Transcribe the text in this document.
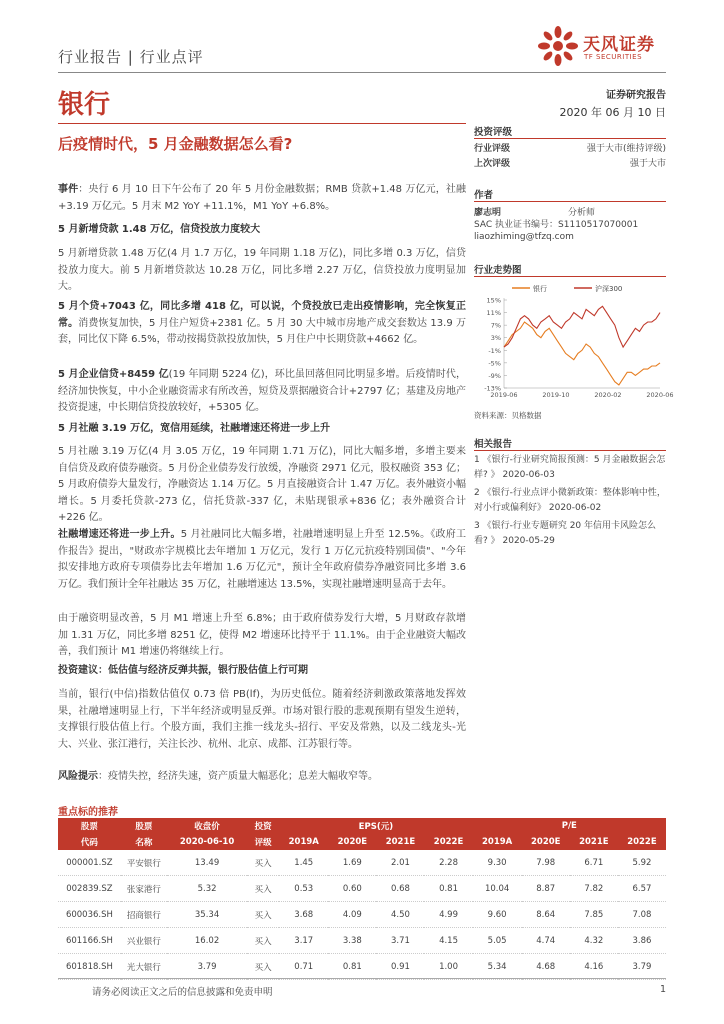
行业报告 | 行业点评
天风证券
TF SECURITIES
银行	证券研究报告
2020 年 06 月 10 日
后疫情时代，5 月金融数据怎么看?

事件：央行 6 月 10 日下午公布了 20 年 5 月份金融数据；RMB 贷款+1.48 万亿元，社融+3.19 万亿元。5 月末 M2 YoY +11.1%，M1 YoY +6.8%。

5 月新增贷款 1.48 万亿，信贷投放力度较大

5 月新增贷款 1.48 万亿(4 月 1.7 万亿，19 年同期 1.18 万亿)，同比多增 0.3 万亿，信贷投放力度大。前 5 月新增贷款达 10.28 万亿，同比多增 2.27 万亿，信贷投放力度明显加大。

5 月个贷+7043 亿，同比多增 418 亿，可以说，个贷投放已走出疫情影响，完全恢复正常。消费恢复加快，5 月住户短贷+2381 亿。5 月 30 大中城市房地产成交套数达 13.9 万套，同比仅下降 6.5%，带动按揭贷款投放加快，5 月住户中长期贷款+4662 亿。

5 月企业信贷+8459 亿(19 年同期 5224 亿)，环比虽回落但同比明显多增。后疫情时代，经济加快恢复，中小企业融资需求有所改善，短贷及票据融资合计+2797 亿；基建及房地产投资提速，中长期信贷投放较好，+5305 亿。

5 月社融 3.19 万亿，宽信用延续，社融增速还将进一步上升

5 月社融 3.19 万亿(4 月 3.05 万亿，19 年同期 1.71 万亿)，同比大幅多增，多增主要来自信贷及政府债券融资。5 月份企业债券发行放缓，净融资 2971 亿元，股权融资 353 亿；5 月政府债券大量发行，净融资达 1.14 万亿。5 月直接融资合计 1.47 万亿。表外融资小幅增长。5 月委托贷款-273 亿，信托贷款-337 亿，未贴现银承+836 亿；表外融资合计+226 亿。

社融增速还将进一步上升。5 月社融同比大幅多增，社融增速明显上升至 12.5%。《政府工作报告》提出，"财政赤字规模比去年增加 1 万亿元，发行 1 万亿元抗疫特别国债"、"今年拟安排地方政府专项债券比去年增加 1.6 万亿元"，预计全年政府债券净融资同比多增 3.6 万亿。我们预计全年社融达 35 万亿，社融增速达 13.5%，实现社融增速明显高于去年。

由于融资明显改善，5 月 M1 增速上升至 6.8%；由于政府债券发行大增，5 月财政存款增加 1.31 万亿，同比多增 8251 亿，使得 M2 增速环比持平于 11.1%。由于企业融资大幅改善，我们预计 M1 增速仍将继续上行。

投资建议：低估值与经济反弹共振，银行股估值上行可期

当前，银行(中信)指数估值仅 0.73 倍 PB(lf)，为历史低位。随着经济刺激政策落地发挥效果，社融增速明显上行，下半年经济或明显反弹。市场对银行股的悲观预期有望发生逆转，支撑银行股估值上行。个股方面，我们主推一线龙头-招行、平安及常熟，以及二线龙头-光大、兴业、张江港行，关注长沙、杭州、北京、成都、江苏银行等。

风险提示：疫情失控，经济失速，资产质量大幅恶化；息差大幅收窄等。

投资评级
行业评级	强于大市(维持评级)
上次评级	强于大市
作者
廖志明	分析师
SAC 执业证书编号：S1110517070001
liaozhiming@tfzq.com
行业走势图
银行	沪深300
15%
11%
7%
3%
-1%
-5%
-9%
-13%
2019-06	2019-10	2020-02	2020-06
资料来源：贝格数据
相关报告
1 《银行-行业研究简报预测：5 月金融数据会怎样? 》 2020-06-03
2 《银行-行业点评小微新政策：整体影响中性，对小行或偏利好》 2020-06-02
3 《银行-行业专题研究 20 年信用卡风险怎么看? 》 2020-05-29
重点标的推荐
股票	股票	收盘价	投资	EPS(元)				P/E			
代码	名称	2020-06-10	评级	2019A	2020E	2021E	2022E	2019A	2020E	2021E	2022E
000001.SZ	平安银行	13.49	买入	1.45	1.69	2.01	2.28	9.30	7.98	6.71	5.92
002839.SZ	张家港行	5.32	买入	0.53	0.60	0.68	0.81	10.04	8.87	7.82	6.57
600036.SH	招商银行	35.34	买入	3.68	4.09	4.50	4.99	9.60	8.64	7.85	7.08
601166.SH	兴业银行	16.02	买入	3.17	3.38	3.71	4.15	5.05	4.74	4.32	3.86
601818.SH	光大银行	3.79	买入	0.71	0.81	0.91	1.00	5.34	4.68	4.16	3.79
请务必阅读正文之后的信息披露和免责申明	1
